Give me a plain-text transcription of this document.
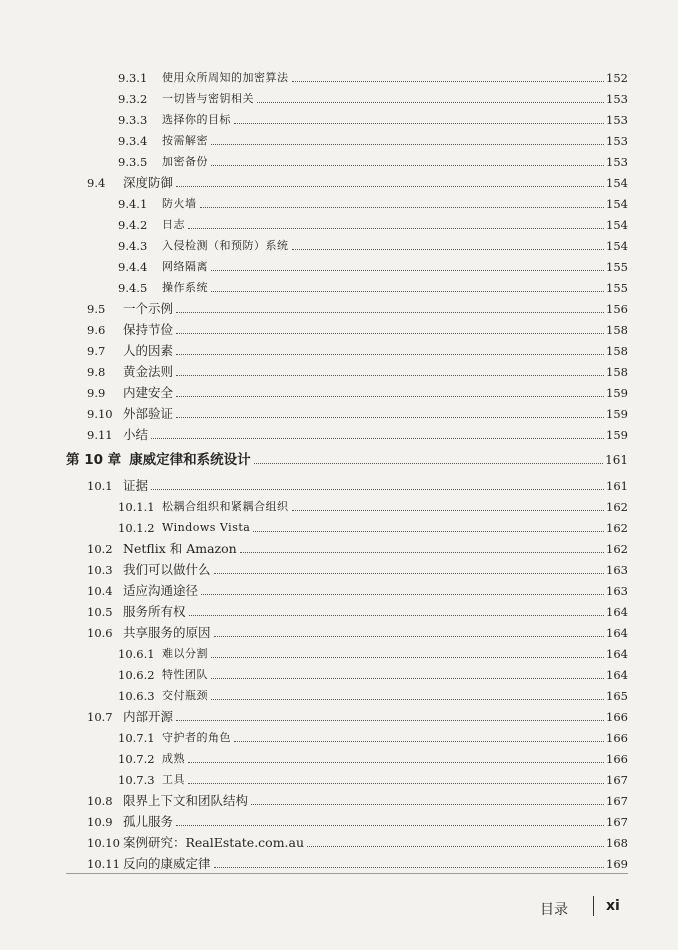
9.3.1	使用众所周知的加密算法	152
9.3.2	一切皆与密钥相关	153
9.3.3	选择你的目标	153
9.3.4	按需解密	153
9.3.5	加密备份	153
9.4	深度防御	154
9.4.1	防火墙	154
9.4.2	日志	154
9.4.3	入侵检测（和预防）系统	154
9.4.4	网络隔离	155
9.4.5	操作系统	155
9.5	一个示例	156
9.6	保持节俭	158
9.7	人的因素	158
9.8	黄金法则	158
9.9	内建安全	159
9.10 外部验证	159
9.11 小结	159
第 10 章 康威定律和系统设计	161
10.1 证据	161
10.1.1 松耦合组织和紧耦合组织	162
10.1.2 Windows Vista	162
10.2 Netflix 和 Amazon	162
10.3 我们可以做什么	163
10.4 适应沟通途径	163
10.5 服务所有权	164
10.6 共享服务的原因	164
10.6.1 难以分割	164
10.6.2 特性团队	164
10.6.3 交付瓶颈	165
10.7 内部开源	166
10.7.1 守护者的角色	166
10.7.2 成熟	166
10.7.3 工具	167
10.8 限界上下文和团队结构	167
10.9 孤儿服务	167
10.10 案例研究：RealEstate.com.au	168
10.11 反向的康威定律	169
目录	xi
